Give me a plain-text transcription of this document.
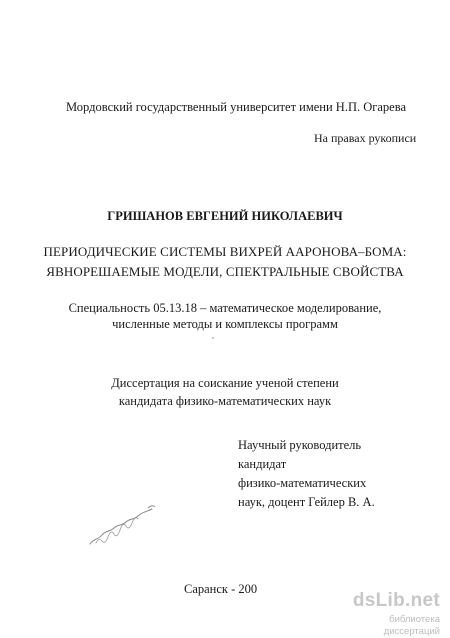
Мордовский государственный университет имени Н.П. Огарева
На правах рукописи
ГРИШАНОВ ЕВГЕНИЙ НИКОЛАЕВИЧ
ПЕРИОДИЧЕСКИЕ СИСТЕМЫ ВИХРЕЙ ААРОНОВА–БОМА:
ЯВНОРЕШАЕМЫЕ МОДЕЛИ, СПЕКТРАЛЬНЫЕ СВОЙСТВА
Специальность 05.13.18 – математическое моделирование,
численные методы и комплексы программ
Диссертация на соискание ученой степени
кандидата физико-математических наук
Научный руководитель
кандидат
физико-математических
наук, доцент Гейлер В. А.
Саранск - 200
dsLib.net
библиотека диссертаций
